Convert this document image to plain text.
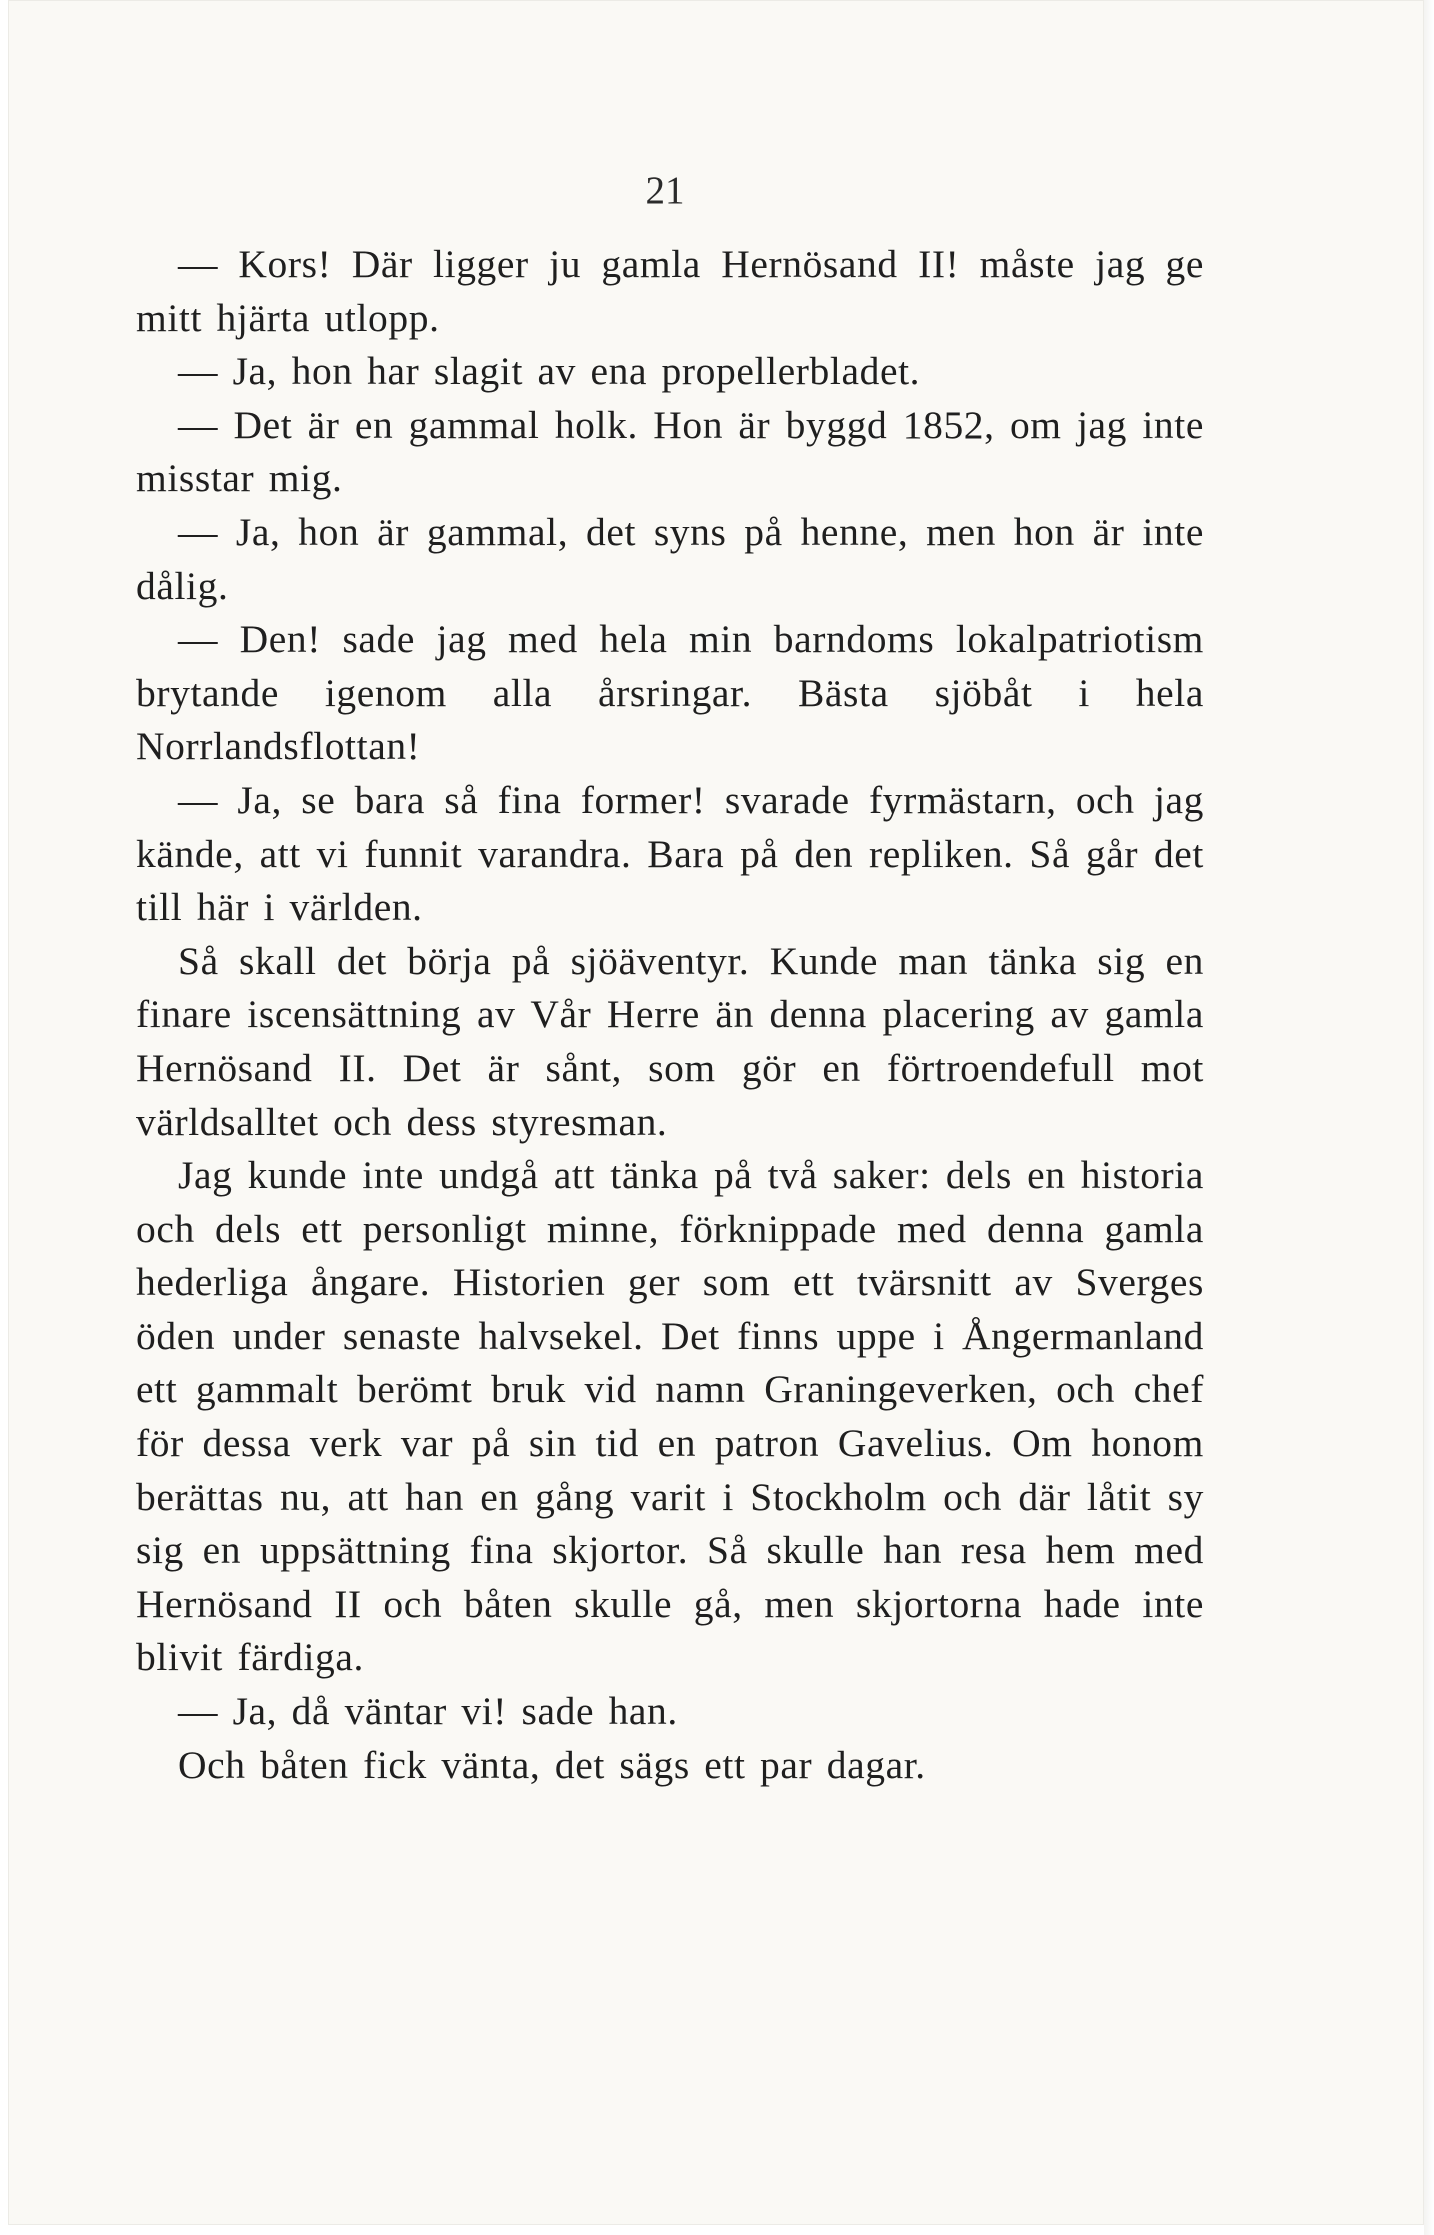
21

— Kors! Där ligger ju gamla Hernösand II! måste jag ge mitt hjärta utlopp.

— Ja, hon har slagit av ena propellerbladet.

— Det är en gammal holk. Hon är byggd 1852, om jag inte misstar mig.

— Ja, hon är gammal, det syns på henne, men hon är inte dålig.

— Den! sade jag med hela min barndoms lokalpatriotism brytande igenom alla årsringar. Bästa sjöbåt i hela Norrlandsflottan!

— Ja, se bara så fina former! svarade fyrmästarn, och jag kände, att vi funnit varandra. Bara på den repliken. Så går det till här i världen.

Så skall det börja på sjöäventyr. Kunde man tänka sig en finare iscensättning av Vår Herre än denna placering av gamla Hernösand II. Det är sånt, som gör en förtroendefull mot världsalltet och dess styresman.

Jag kunde inte undgå att tänka på två saker: dels en historia och dels ett personligt minne, förknippade med denna gamla hederliga ångare. Historien ger som ett tvärsnitt av Sverges öden under senaste halvsekel. Det finns uppe i Ångermanland ett gammalt berömt bruk vid namn Graningeverken, och chef för dessa verk var på sin tid en patron Gavelius. Om honom berättas nu, att han en gång varit i Stockholm och där låtit sy sig en uppsättning fina skjortor. Så skulle han resa hem med Hernösand II och båten skulle gå, men skjortorna hade inte blivit färdiga.

— Ja, då väntar vi! sade han.

Och båten fick vänta, det sägs ett par dagar.
